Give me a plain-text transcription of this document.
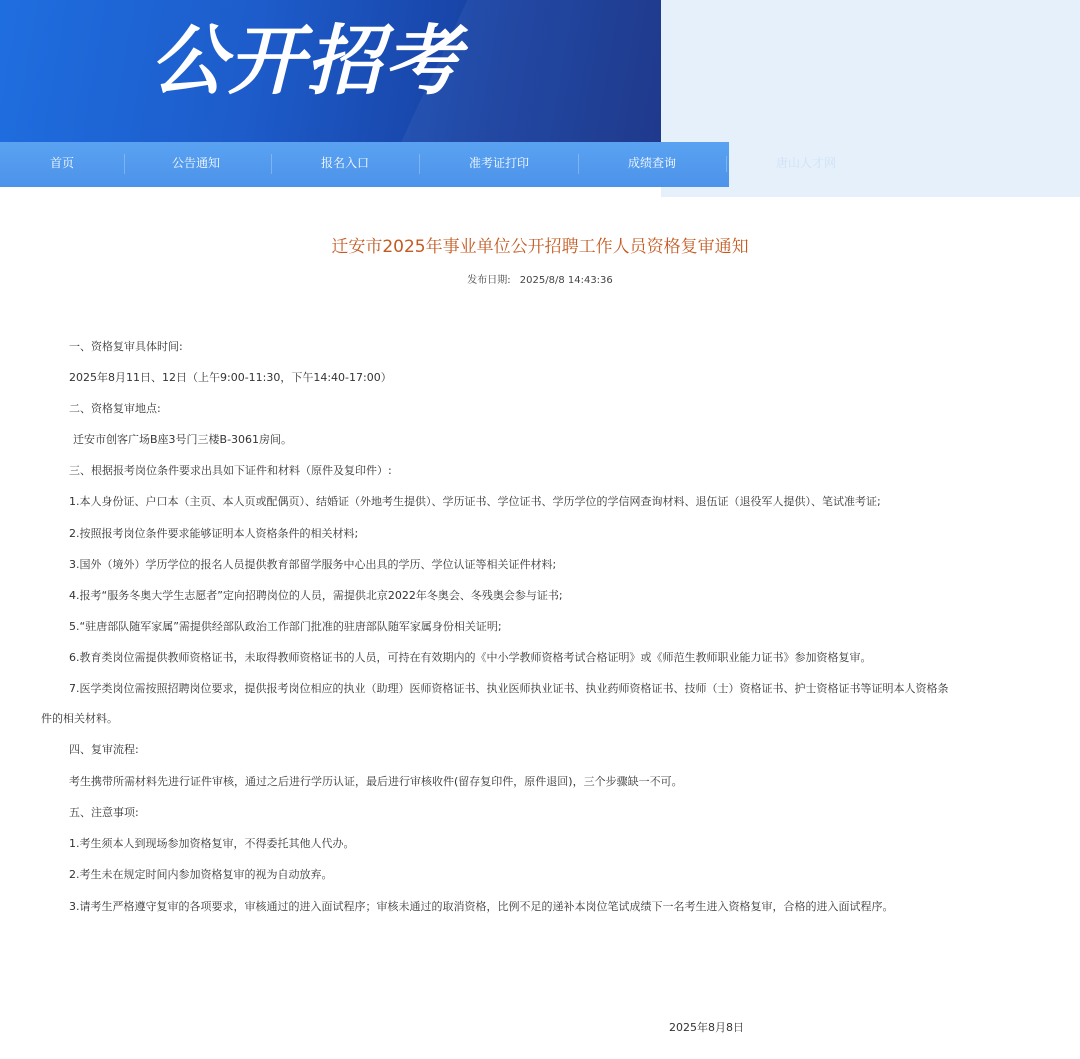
公开招考
首页	公告通知	报名入口	准考证打印	成绩查询	唐山人才网
迁安市2025年事业单位公开招聘工作人员资格复审通知
发布日期: 2025/8/8 14:43:36
一、资格复审具体时间:
2025年8月11日、12日（上午9:00-11:30，下午14:40-17:00）
二、资格复审地点:
迁安市创客广场B座3号门三楼B-3061房间。
三、根据报考岗位条件要求出具如下证件和材料（原件及复印件）:
1.本人身份证、户口本（主页、本人页或配偶页）、结婚证（外地考生提供）、学历证书、学位证书、学历学位的学信网查询材料、退伍证（退役军人提供）、笔试准考证;
2.按照报考岗位条件要求能够证明本人资格条件的相关材料;
3.国外（境外）学历学位的报名人员提供教育部留学服务中心出具的学历、学位认证等相关证件材料;
4.报考“服务冬奥大学生志愿者”定向招聘岗位的人员，需提供北京2022年冬奥会、冬残奥会参与证书;
5.“驻唐部队随军家属”需提供经部队政治工作部门批准的驻唐部队随军家属身份相关证明;
6.教育类岗位需提供教师资格证书，未取得教师资格证书的人员，可持在有效期内的《中小学教师资格考试合格证明》或《师范生教师职业能力证书》参加资格复审。
7.医学类岗位需按照招聘岗位要求，提供报考岗位相应的执业（助理）医师资格证书、执业医师执业证书、执业药师资格证书、技师（士）资格证书、护士资格证书等证明本人资格条
件的相关材料。
四、复审流程:
考生携带所需材料先进行证件审核，通过之后进行学历认证，最后进行审核收件(留存复印件，原件退回)，三个步骤缺一不可。
五、注意事项:
1.考生须本人到现场参加资格复审，不得委托其他人代办。
2.考生未在规定时间内参加资格复审的视为自动放弃。
3.请考生严格遵守复审的各项要求，审核通过的进入面试程序；审核未通过的取消资格，比例不足的递补本岗位笔试成绩下一名考生进入资格复审，合格的进入面试程序。
2025年8月8日
